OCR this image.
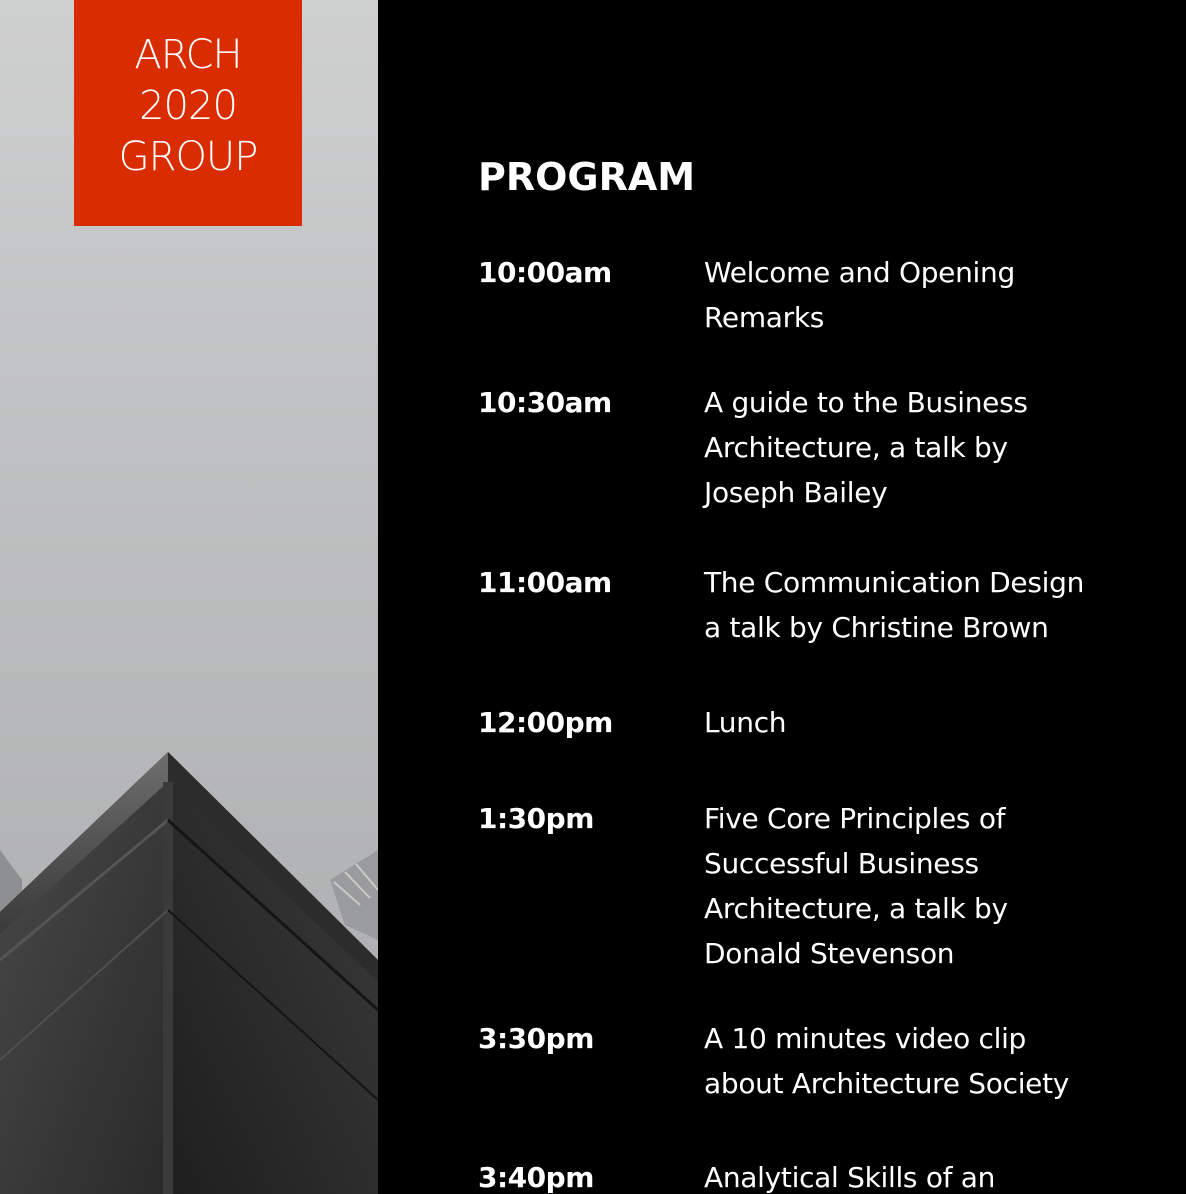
ARCH
2020
GROUP	PROGRAM
10:00am	Welcome and Opening
Remarks
10:30am	A guide to the Business
Architecture, a talk by
Joseph Bailey
11:00am	The Communication Design
a talk by Christine Brown
12:00pm	Lunch
1:30pm	Five Core Principles of
Successful Business
Architecture, a talk by
Donald Stevenson
3:30pm	A 10 minutes video clip
about Architecture Society
3:40pm	Analytical Skills of an
